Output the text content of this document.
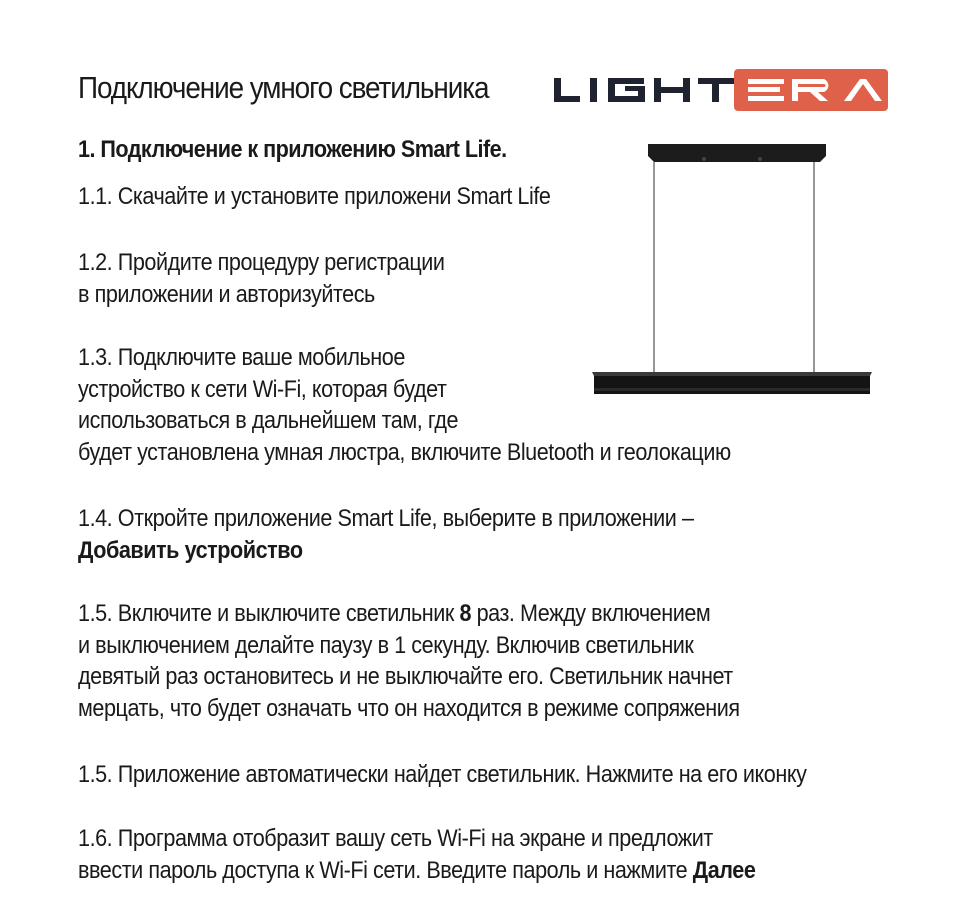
Подключение умного светильника
1. Подключение к приложению Smart Life.
1.1. Скачайте и установите приложени Smart Life
1.2. Пройдите процедуру регистрации
в приложении и авторизуйтесь
1.3. Подключите ваше мобильное
устройство к сети Wi-Fi, которая будет
использоваться в дальнейшем там, где
будет установлена умная люстра, включите Bluetooth и геолокацию
1.4. Откройте приложение Smart Life, выберите в приложении –
Добавить устройство
1.5. Включите и выключите светильник 8 раз. Между включением
и выключением делайте паузу в 1 секунду. Включив светильник
девятый раз остановитесь и не выключайте его. Светильник начнет
мерцать, что будет означать что он находится в режиме сопряжения
1.5. Приложение автоматически найдет светильник. Нажмите на его иконку
1.6. Программа отобразит вашу сеть Wi-Fi на экране и предложит
ввести пароль доступа к Wi-Fi сети. Введите пароль и нажмите Далее
